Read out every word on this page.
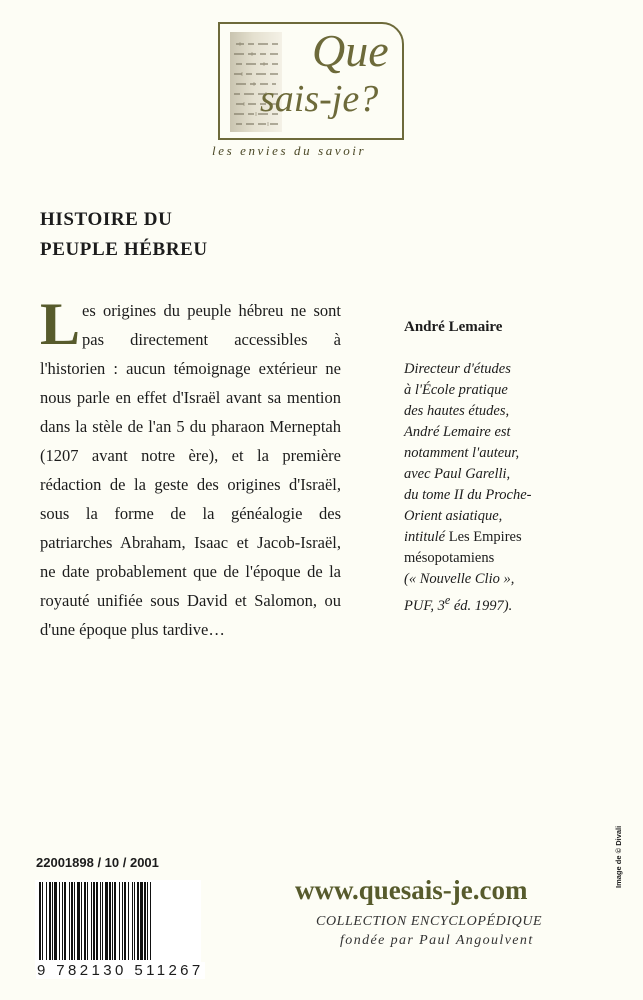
Que
sais-je?
les envies du savoir
HISTOIRE DU
PEUPLE HÉBREU

Les origines du peuple hébreu ne sont pas directement accessibles à l'historien : aucun témoignage extérieur ne nous parle en effet d'Israël avant sa mention dans la stèle de l'an 5 du pharaon Merneptah (1207 avant notre ère), et la première rédaction de la geste des origines d'Israël, sous la forme de la généalogie des patriarches Abraham, Isaac et Jacob-Israël, ne date probablement que de l'époque de la royauté unifiée sous David et Salomon, ou d'une époque plus tardive…

André Lemaire
Directeur d'études
à l'École pratique
des hautes études,
André Lemaire est
notamment l'auteur,
avec Paul Garelli,
du tome II du Proche-
Orient asiatique,
intitulé Les Empires
mésopotamiens
(« Nouvelle Clio »,
PUF, 3e éd. 1997).
22001898 / 10 / 2001
9 782130 511267
www.quesais-je.com
COLLECTION ENCYCLOPÉDIQUE
fondée par Paul Angoulvent
Image de © Divali
